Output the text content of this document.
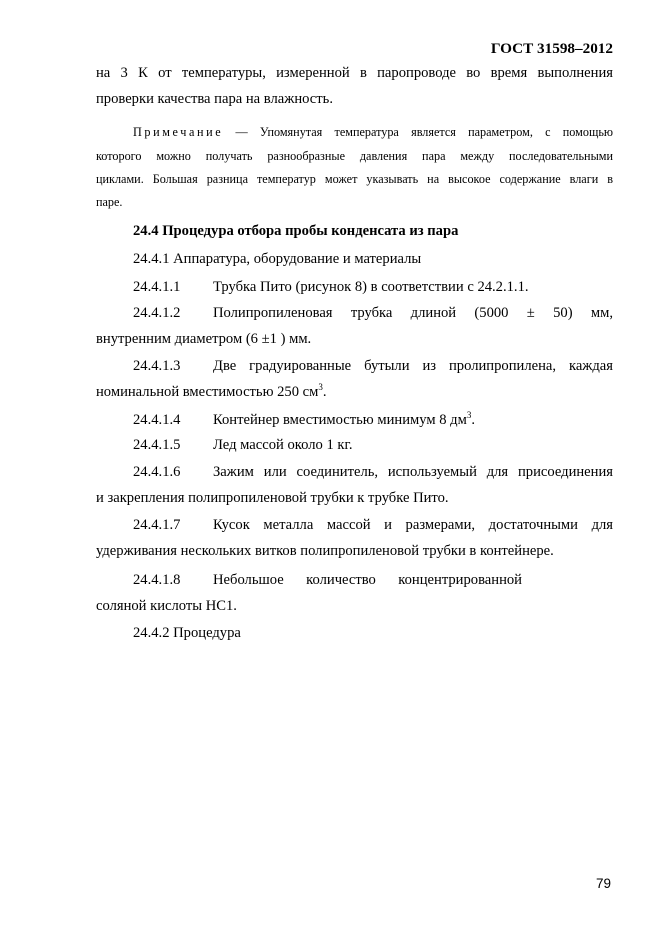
ГОСТ 31598–2012
на 3 К от температуры, измеренной в паропроводе во время выполнения
проверки качества пара на влажность.
Примечание — Упомянутая температура является параметром, с помощью
которого можно получать разнообразные давления пара между последовательными
циклами. Большая разница температур может указывать на высокое содержание влаги в
паре.
24.4 Процедура отбора пробы конденсата из пара
24.4.1 Аппаратура, оборудование и материалы
24.4.1.1 Трубка Пито (рисунок 8) в соответствии с 24.2.1.1.
24.4.1.2 Полипропиленовая трубка длиной (5000 ± 50) мм,
внутренним диаметром (6 ±1 ) мм.
24.4.1.3 Две градуированные бутыли из пролипропилена, каждая
номинальной вместимостью 250 $см^3$.
24.4.1.4 Контейнер вместимостью минимум 8 $дм^3$.
24.4.1.5 Лед массой около 1 кг.
24.4.1.6 Зажим или соединитель, используемый для присоединения
и закрепления полипропиленовой трубки к трубке Пито.
24.4.1.7 Кусок металла массой и размерами, достаточными для
удерживания нескольких витков полипропиленовой трубки в контейнере.
24.4.1.8 Небольшое количество концентрированной
соляной кислоты НС1.
24.4.2 Процедура
79
